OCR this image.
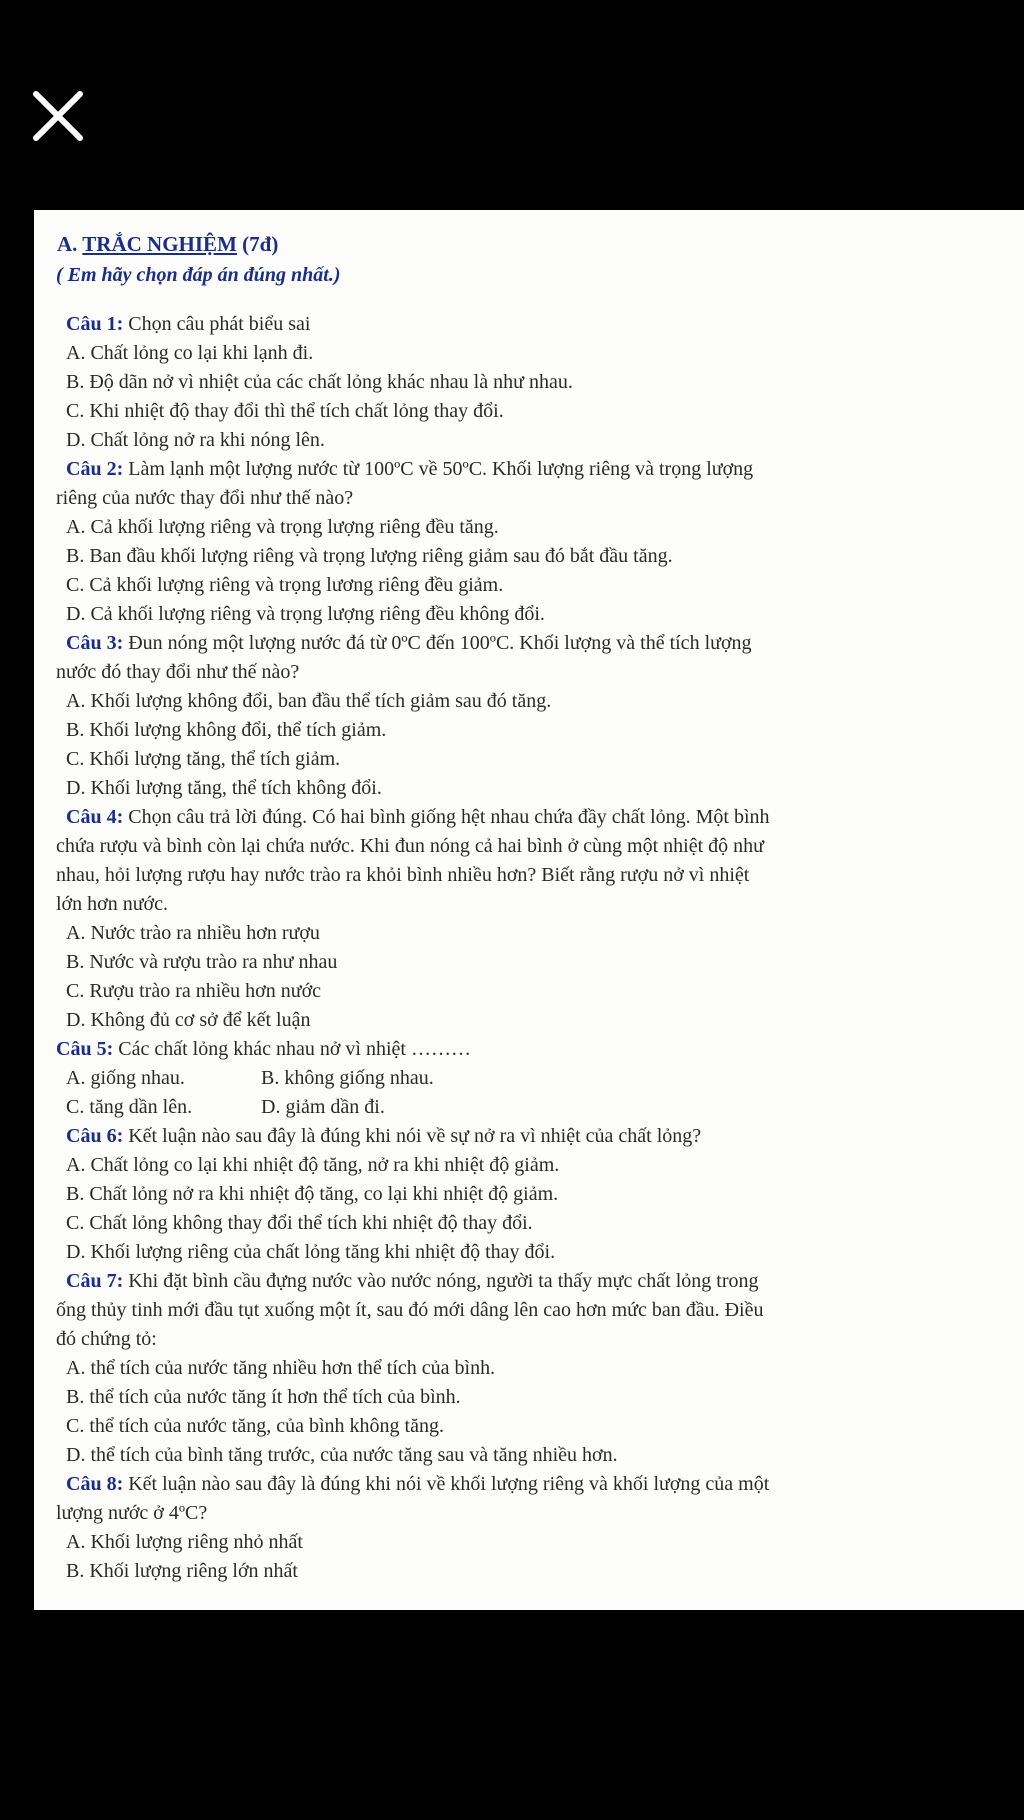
A. TRẮC NGHIỆM (7đ)
( Em hãy chọn đáp án đúng nhất.)
Câu 1: Chọn câu phát biểu sai
A. Chất lỏng co lại khi lạnh đi.
B. Độ dãn nở vì nhiệt của các chất lỏng khác nhau là như nhau.
C. Khi nhiệt độ thay đổi thì thể tích chất lỏng thay đổi.
D. Chất lỏng nở ra khi nóng lên.
Câu 2: Làm lạnh một lượng nước từ 100ºC về 50ºC. Khối lượng riêng và trọng lượng
riêng của nước thay đổi như thế nào?
A. Cả khối lượng riêng và trọng lượng riêng đều tăng.
B. Ban đầu khối lượng riêng và trọng lượng riêng giảm sau đó bắt đầu tăng.
C. Cả khối lượng riêng và trọng lương riêng đều giảm.
D. Cả khối lượng riêng và trọng lượng riêng đều không đổi.
Câu 3: Đun nóng một lượng nước đá từ 0ºC đến 100ºC. Khối lượng và thể tích lượng
nước đó thay đổi như thế nào?
A. Khối lượng không đổi, ban đầu thể tích giảm sau đó tăng.
B. Khối lượng không đổi, thể tích giảm.
C. Khối lượng tăng, thể tích giảm.
D. Khối lượng tăng, thể tích không đổi.
Câu 4: Chọn câu trả lời đúng. Có hai bình giống hệt nhau chứa đầy chất lỏng. Một bình
chứa rượu và bình còn lại chứa nước. Khi đun nóng cả hai bình ở cùng một nhiệt độ như
nhau, hỏi lượng rượu hay nước trào ra khỏi bình nhiều hơn? Biết rằng rượu nở vì nhiệt
lớn hơn nước.
A. Nước trào ra nhiều hơn rượu
B. Nước và rượu trào ra như nhau
C. Rượu trào ra nhiều hơn nước
D. Không đủ cơ sở để kết luận
Câu 5: Các chất lỏng khác nhau nở vì nhiệt ………
A. giống nhau.	B. không giống nhau.
C. tăng dần lên.	D. giảm dần đi.
Câu 6: Kết luận nào sau đây là đúng khi nói về sự nở ra vì nhiệt của chất lỏng?
A. Chất lỏng co lại khi nhiệt độ tăng, nở ra khi nhiệt độ giảm.
B. Chất lỏng nở ra khi nhiệt độ tăng, co lại khi nhiệt độ giảm.
C. Chất lỏng không thay đổi thể tích khi nhiệt độ thay đổi.
D. Khối lượng riêng của chất lỏng tăng khi nhiệt độ thay đổi.
Câu 7: Khi đặt bình cầu đựng nước vào nước nóng, người ta thấy mực chất lỏng trong
ống thủy tinh mới đầu tụt xuống một ít, sau đó mới dâng lên cao hơn mức ban đầu. Điều
đó chứng tỏ:
A. thể tích của nước tăng nhiều hơn thể tích của bình.
B. thể tích của nước tăng ít hơn thể tích của bình.
C. thể tích của nước tăng, của bình không tăng.
D. thể tích của bình tăng trước, của nước tăng sau và tăng nhiều hơn.
Câu 8: Kết luận nào sau đây là đúng khi nói về khối lượng riêng và khối lượng của một
lượng nước ở 4ºC?
A. Khối lượng riêng nhỏ nhất
B. Khối lượng riêng lớn nhất
